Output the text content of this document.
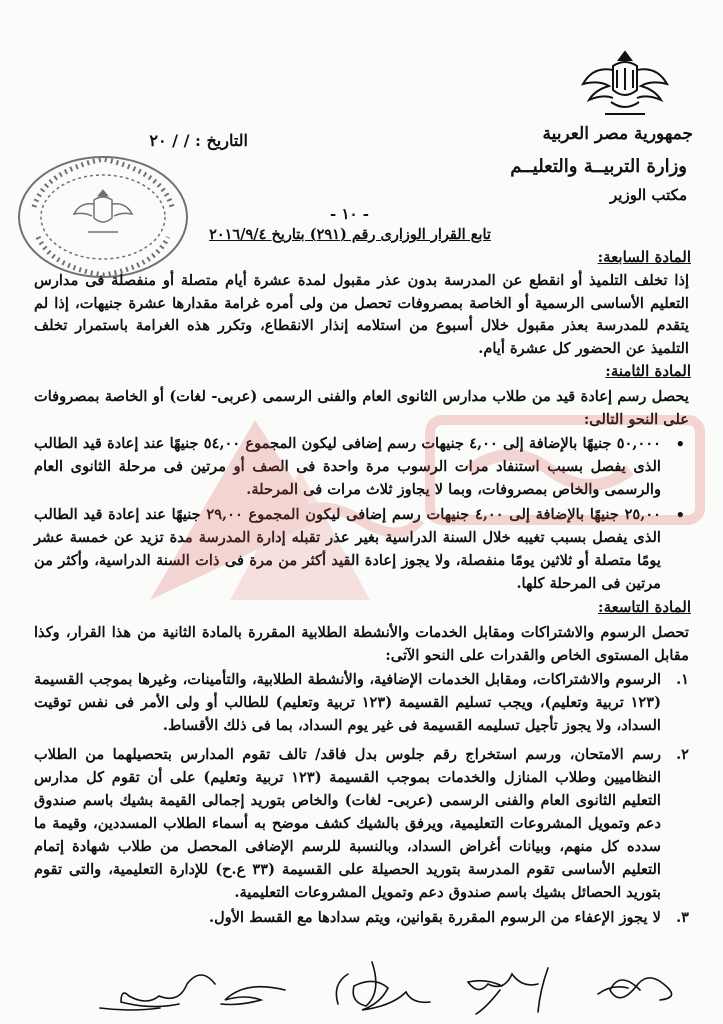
جمهورية مصر العربية
وزارة التربيــة والتعليــم
مكتب الوزير
التاريخ : / / ٢٠
- ١٠ -
تابع القرار الوزارى رقم (٢٩١) بتاريخ ٢٠١٦/٩/٤
المادة السابعة:
إذا تخلف التلميذ أو انقطع عن المدرسة بدون عذر مقبول لمدة عشرة أيام متصلة أو منفصلة فى مدارس التعليم الأساسى الرسمية أو الخاصة بمصروفات تحصل من ولى أمره غرامة مقدارها عشرة جنيهات، إذا لم يتقدم للمدرسة بعذر مقبول خلال أسبوع من استلامه إنذار الانقطاع، وتكرر هذه الغرامة باستمرار تخلف التلميذ عن الحضور كل عشرة أيام.
المادة الثامنة:
يحصل رسم إعادة قيد من طلاب مدارس الثانوى العام والفنى الرسمى (عربى- لغات) أو الخاصة بمصروفات على النحو التالى:
•
٥٠,٠٠٠ جنيهًا بالإضافة إلى ٤,٠٠ جنيهات رسم إضافى ليكون المجموع ٥٤,٠٠ جنيهًا عند إعادة قيد الطالب الذى يفصل بسبب استنفاد مرات الرسوب مرة واحدة فى الصف أو مرتين فى مرحلة الثانوى العام والرسمى والخاص بمصروفات، وبما لا يجاوز ثلاث مرات فى المرحلة.
•
٢٥,٠٠ جنيهًا بالإضافة إلى ٤,٠٠ جنيهات رسم إضافى ليكون المجموع ٢٩,٠٠ جنيهًا عند إعادة قيد الطالب الذى يفصل بسبب تغيبه خلال السنة الدراسية بغير عذر تقبله إدارة المدرسة مدة تزيد عن خمسة عشر يومًا متصلة أو ثلاثين يومًا منفصلة، ولا يجوز إعادة القيد أكثر من مرة فى ذات السنة الدراسية، وأكثر من مرتين فى المرحلة كلها.
المادة التاسعة:
تحصل الرسوم والاشتراكات ومقابل الخدمات والأنشطة الطلابية المقررة بالمادة الثانية من هذا القرار، وكذا مقابل المستوى الخاص والقدرات على النحو الآتى:
١.
الرسوم والاشتراكات، ومقابل الخدمات الإضافية، والأنشطة الطلابية، والتأمينات، وغيرها بموجب القسيمة (١٢٣ تربية وتعليم)، ويجب تسليم القسيمة (١٢٣ تربية وتعليم) للطالب أو ولى الأمر فى نفس توقيت السداد، ولا يجوز تأجيل تسليمه القسيمة فى غير يوم السداد، بما فى ذلك الأقساط.
٢.
رسم الامتحان، ورسم استخراج رقم جلوس بدل فاقد/ تالف تقوم المدارس بتحصيلهما من الطلاب النظاميين وطلاب المنازل والخدمات بموجب القسيمة (١٢٣ تربية وتعليم) على أن تقوم كل مدارس التعليم الثانوى العام والفنى الرسمى (عربى- لغات) والخاص بتوريد إجمالى القيمة بشيك باسم صندوق دعم وتمويل المشروعات التعليمية، ويرفق بالشيك كشف موضح به أسماء الطلاب المسددين، وقيمة ما سدده كل منهم، وبيانات أغراض السداد، وبالنسبة للرسم الإضافى المحصل من طلاب شهادة إتمام التعليم الأساسى تقوم المدرسة بتوريد الحصيلة على القسيمة (٣٣ ع.ح) للإدارة التعليمية، والتى تقوم بتوريد الحصائل بشيك باسم صندوق دعم وتمويل المشروعات التعليمية.
٣.
لا يجوز الإعفاء من الرسوم المقررة بقوانين، ويتم سدادها مع القسط الأول.
